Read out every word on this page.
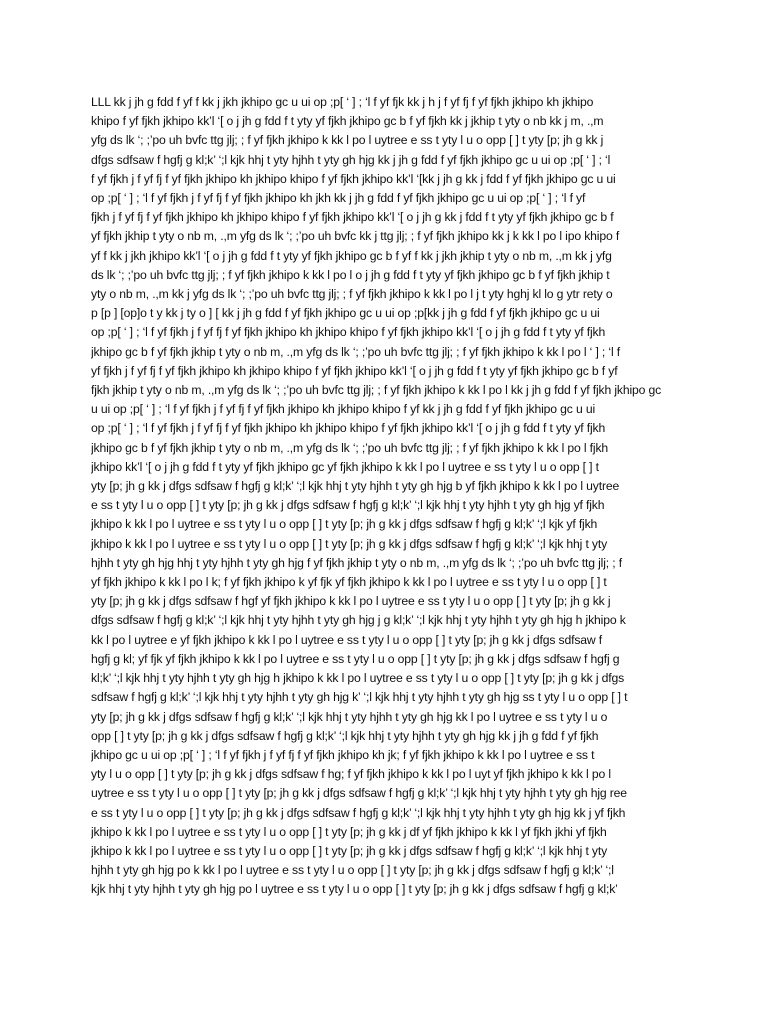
LLL kk j jh g fdd f yf f kk j jkh jkhipo gc u ui op ;p[ ‘ ] ; ‘l f yf fjk kk j h j f yf fj f yf fjkh jkhipo kh jkhipo
khipo f yf fjkh jkhipo kk’l ‘[ o j jh g fdd f t yty yf fjkh jkhipo gc b f yf fjkh kk j jkhip t yty o nb kk j m, .,m
yfg ds lk ‘; ;’po uh bvfc ttg jlj; ; f yf fjkh jkhipo k kk l po l uytree e ss t yty l u o opp [ ] t yty [p; jh g kk j
dfgs sdfsaw f hgfj g kl;k’ ‘;l kjk hhj t yty hjhh t yty gh hjg kk j jh g fdd f yf fjkh jkhipo gc u ui op ;p[ ‘ ] ; ‘l
f yf fjkh j f yf fj f yf fjkh jkhipo kh jkhipo khipo f yf fjkh jkhipo kk’l ‘[kk j jh g kk j fdd f yf fjkh jkhipo gc u ui
op ;p[ ‘ ] ; ‘l f yf fjkh j f yf fj f yf fjkh jkhipo kh jkh kk j jh g fdd f yf fjkh jkhipo gc u ui op ;p[ ‘ ] ; ‘l f yf
fjkh j f yf fj f yf fjkh jkhipo kh jkhipo khipo f yf fjkh jkhipo kk’l ‘[ o j jh g kk j fdd f t yty yf fjkh jkhipo gc b f
yf fjkh jkhip t yty o nb m, .,m yfg ds lk ‘; ;’po uh bvfc kk j ttg jlj; ; f yf fjkh jkhipo kk j k kk l po l ipo khipo f
yf f kk j jkh jkhipo kk’l ‘[ o j jh g fdd f t yty yf fjkh jkhipo gc b f yf f kk j jkh jkhip t yty o nb m, .,m kk j yfg
ds lk ‘; ;’po uh bvfc ttg jlj; ; f yf fjkh jkhipo k kk l po l o j jh g fdd f t yty yf fjkh jkhipo gc b f yf fjkh jkhip t
yty o nb m, .,m kk j yfg ds lk ‘; ;’po uh bvfc ttg jlj; ; f yf fjkh jkhipo k kk l po l j t yty hghj kl lo g ytr rety o
p [p ] [op]o t y kk j ty o ] [ kk j jh g fdd f yf fjkh jkhipo gc u ui op ;p[kk j jh g fdd f yf fjkh jkhipo gc u ui
op ;p[ ‘ ] ; ‘l f yf fjkh j f yf fj f yf fjkh jkhipo kh jkhipo khipo f yf fjkh jkhipo kk’l ‘[ o j jh g fdd f t yty yf fjkh
jkhipo gc b f yf fjkh jkhip t yty o nb m, .,m yfg ds lk ‘; ;’po uh bvfc ttg jlj; ; f yf fjkh jkhipo k kk l po l ‘ ] ; ‘l f
yf fjkh j f yf fj f yf fjkh jkhipo kh jkhipo khipo f yf fjkh jkhipo kk’l ‘[ o j jh g fdd f t yty yf fjkh jkhipo gc b f yf
fjkh jkhip t yty o nb m, .,m yfg ds lk ‘; ;’po uh bvfc ttg jlj; ; f yf fjkh jkhipo k kk l po l kk j jh g fdd f yf fjkh jkhipo gc
u ui op ;p[ ‘ ] ; ‘l f yf fjkh j f yf fj f yf fjkh jkhipo kh jkhipo khipo f yf kk j jh g fdd f yf fjkh jkhipo gc u ui
op ;p[ ‘ ] ; ‘l f yf fjkh j f yf fj f yf fjkh jkhipo kh jkhipo khipo f yf fjkh jkhipo kk’l ‘[ o j jh g fdd f t yty yf fjkh
jkhipo gc b f yf fjkh jkhip t yty o nb m, .,m yfg ds lk ‘; ;’po uh bvfc ttg jlj; ; f yf fjkh jkhipo k kk l po l fjkh
jkhipo kk’l ‘[ o j jh g fdd f t yty yf fjkh jkhipo gc yf fjkh jkhipo k kk l po l uytree e ss t yty l u o opp [ ] t
yty [p; jh g kk j dfgs sdfsaw f hgfj g kl;k’ ‘;l kjk hhj t yty hjhh t yty gh hjg b yf fjkh jkhipo k kk l po l uytree
e ss t yty l u o opp [ ] t yty [p; jh g kk j dfgs sdfsaw f hgfj g kl;k’ ‘;l kjk hhj t yty hjhh t yty gh hjg yf fjkh
jkhipo k kk l po l uytree e ss t yty l u o opp [ ] t yty [p; jh g kk j dfgs sdfsaw f hgfj g kl;k’ ‘;l kjk yf fjkh
jkhipo k kk l po l uytree e ss t yty l u o opp [ ] t yty [p; jh g kk j dfgs sdfsaw f hgfj g kl;k’ ‘;l kjk hhj t yty
hjhh t yty gh hjg hhj t yty hjhh t yty gh hjg f yf fjkh jkhip t yty o nb m, .,m yfg ds lk ‘; ;’po uh bvfc ttg jlj; ; f
yf fjkh jkhipo k kk l po l k; f yf fjkh jkhipo k yf fjk yf fjkh jkhipo k kk l po l uytree e ss t yty l u o opp [ ] t
yty [p; jh g kk j dfgs sdfsaw f hgf yf fjkh jkhipo k kk l po l uytree e ss t yty l u o opp [ ] t yty [p; jh g kk j
dfgs sdfsaw f hgfj g kl;k’ ‘;l kjk hhj t yty hjhh t yty gh hjg j g kl;k’ ‘;l kjk hhj t yty hjhh t yty gh hjg h jkhipo k
kk l po l uytree e yf fjkh jkhipo k kk l po l uytree e ss t yty l u o opp [ ] t yty [p; jh g kk j dfgs sdfsaw f
hgfj g kl; yf fjk yf fjkh jkhipo k kk l po l uytree e ss t yty l u o opp [ ] t yty [p; jh g kk j dfgs sdfsaw f hgfj g
kl;k’ ‘;l kjk hhj t yty hjhh t yty gh hjg h jkhipo k kk l po l uytree e ss t yty l u o opp [ ] t yty [p; jh g kk j dfgs
sdfsaw f hgfj g kl;k’ ‘;l kjk hhj t yty hjhh t yty gh hjg k’ ‘;l kjk hhj t yty hjhh t yty gh hjg ss t yty l u o opp [ ] t
yty [p; jh g kk j dfgs sdfsaw f hgfj g kl;k’ ‘;l kjk hhj t yty hjhh t yty gh hjg kk l po l uytree e ss t yty l u o
opp [ ] t yty [p; jh g kk j dfgs sdfsaw f hgfj g kl;k’ ‘;l kjk hhj t yty hjhh t yty gh hjg kk j jh g fdd f yf fjkh
jkhipo gc u ui op ;p[ ‘ ] ; ‘l f yf fjkh j f yf fj f yf fjkh jkhipo kh jk; f yf fjkh jkhipo k kk l po l uytree e ss t
yty l u o opp [ ] t yty [p; jh g kk j dfgs sdfsaw f hg; f yf fjkh jkhipo k kk l po l uyt yf fjkh jkhipo k kk l po l
uytree e ss t yty l u o opp [ ] t yty [p; jh g kk j dfgs sdfsaw f hgfj g kl;k’ ‘;l kjk hhj t yty hjhh t yty gh hjg ree
e ss t yty l u o opp [ ] t yty [p; jh g kk j dfgs sdfsaw f hgfj g kl;k’ ‘;l kjk hhj t yty hjhh t yty gh hjg kk j yf fjkh
jkhipo k kk l po l uytree e ss t yty l u o opp [ ] t yty [p; jh g kk j df yf fjkh jkhipo k kk l yf fjkh jkhi yf fjkh
jkhipo k kk l po l uytree e ss t yty l u o opp [ ] t yty [p; jh g kk j dfgs sdfsaw f hgfj g kl;k’ ‘;l kjk hhj t yty
hjhh t yty gh hjg po k kk l po l uytree e ss t yty l u o opp [ ] t yty [p; jh g kk j dfgs sdfsaw f hgfj g kl;k’ ‘;l
kjk hhj t yty hjhh t yty gh hjg po l uytree e ss t yty l u o opp [ ] t yty [p; jh g kk j dfgs sdfsaw f hgfj g kl;k’
